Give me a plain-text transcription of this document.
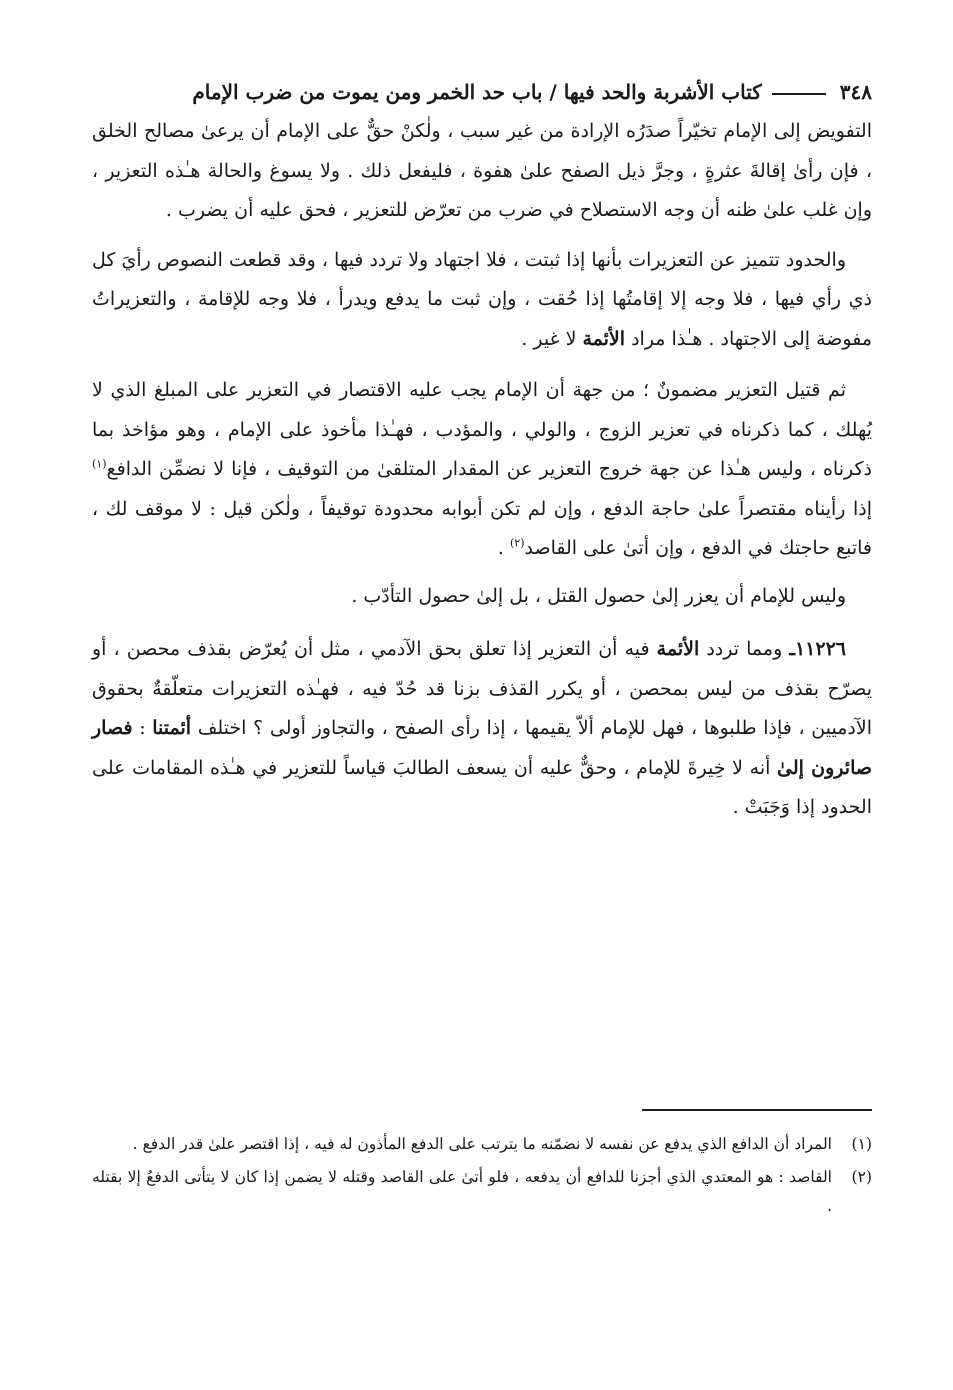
٣٤٨
كتاب الأشربة والحد فيها / باب حد الخمر ومن يموت من ضرب الإمام

التفويض إلى الإمام تخيّراً صدَرُه الإرادة من غير سبب ، ولٰكنْ حقٌّ على الإمام أن يرعىٰ مصالح الخلق ، فإن رأىٰ إقالةَ عثرةٍ ، وجرَّ ذيل الصفح علىٰ هفوة ، فليفعل ذلك . ولا يسوغ والحالة هـٰذه التعزير ، وإن غلب علىٰ ظنه أن وجه الاستصلاح في ضرب من تعرّض للتعزير ، فحق عليه أن يضرب .

والحدود تتميز عن التعزيرات بأنها إذا ثبتت ، فلا اجتهاد ولا تردد فيها ، وقد قطعت النصوص رأيَ كل ذي رأي فيها ، فلا وجه إلا إقامتُها إذا حُقت ، وإن ثبت ما يدفع ويدرأ ، فلا وجه للإقامة ، والتعزيراتُ مفوضة إلى الاجتهاد . هـٰذا مراد الأئمة لا غير .

ثم قتيل التعزير مضمونٌ ؛ من جهة أن الإمام يجب عليه الاقتصار في التعزير على المبلغ الذي لا يُهلك ، كما ذكرناه في تعزير الزوج ، والولي ، والمؤدب ، فهـٰذا مأخوذ على الإمام ، وهو مؤاخذ بما ذكرناه ، وليس هـٰذا عن جهة خروج التعزير عن المقدار المتلقىٰ من التوقيف ، فإنا لا نضمِّن الدافع$^{(١)}$ إذا رأيناه مقتصراً علىٰ حاجة الدفع ، وإن لم تكن أبوابه محدودة توقيفاً ، ولٰكن قيل : لا موقف لك ، فاتبع حاجتك في الدفع ، وإن أتىٰ على القاصد$^{(٢)}$ .

وليس للإمام أن يعزر إلىٰ حصول القتل ، بل إلىٰ حصول التأدّب .

١١٢٢٦ـ ومما تردد الأئمة فيه أن التعزير إذا تعلق بحق الآدمي ، مثل أن يُعرّض بقذف محصن ، أو يصرّح بقذف من ليس بمحصن ، أو يكرر القذف بزنا قد حُدّ فيه ، فهـٰذه التعزيرات متعلّقةٌ بحقوق الآدميين ، فإذا طلبوها ، فهل للإمام ألاّ يقيمها ، إذا رأى الصفح ، والتجاوز أولى ؟ اختلف أئمتنا : فصار صائرون إلىٰ أنه لا خِيرةَ للإمام ، وحقٌّ عليه أن يسعف الطالبَ قياساً للتعزير في هـٰذه المقامات على الحدود إذا وَجَبَتْ .

(١)
المراد أن الدافع الذي يدفع عن نفسه لا نضمّنه ما يترتب على الدفع المأذون له فيه ، إذا اقتصر علىٰ قدر الدفع .
(٢)
القاصد : هو المعتدي الذي أجزنا للدافع أن يدفعه ، فلو أتىٰ على القاصد وقتله لا يضمن إذا كان لا يتأتى الدفعُ إلا بقتله .
